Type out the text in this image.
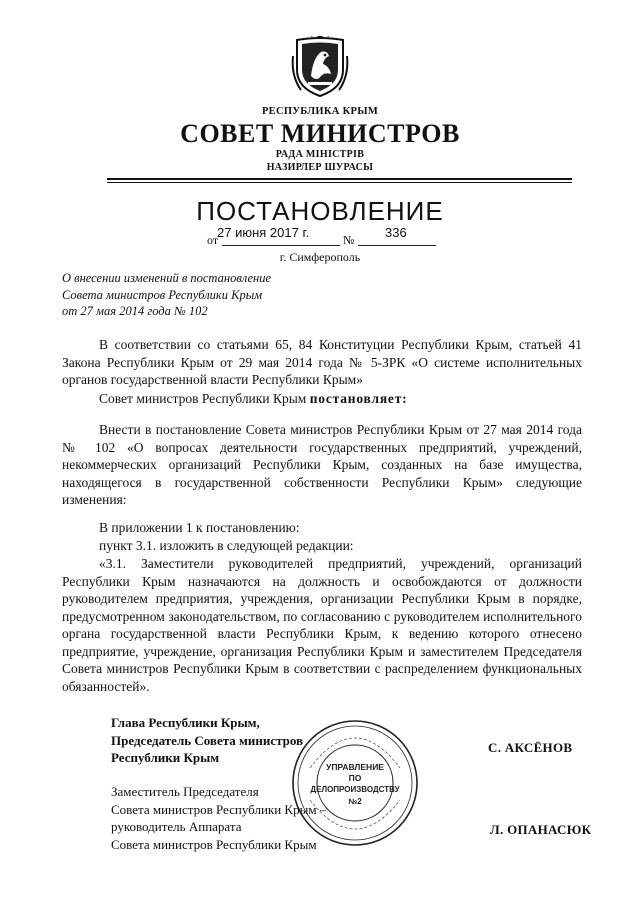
РЕСПУБЛИКА КРЫМ
СОВЕТ МИНИСТРОВ
РАДА МІНІСТРІВ
НАЗИРЛЕР ШУРАСЫ
ПОСТАНОВЛЕНИЕ
27 июня 2017 г.	336
от	№
г. Симферополь
О внесении изменений в постановление
Совета министров Республики Крым
от 27 мая 2014 года № 102

В соответствии со статьями 65, 84 Конституции Республики Крым, статьей 41 Закона Республики Крым от 29 мая 2014 года № 5-ЗРК «О системе исполнительных органов государственной власти Республики Крым»

Совет министров Республики Крым постановляет:

Внести в постановление Совета министров Республики Крым от 27 мая 2014 года № 102 «О вопросах деятельности государственных предприятий, учреждений, некоммерческих организаций Республики Крым, созданных на базе имущества, находящегося в государственной собственности Республики Крым» следующие изменения:

В приложении 1 к постановлению:

пункт 3.1. изложить в следующей редакции:

«3.1. Заместители руководителей предприятий, учреждений, организаций Республики Крым назначаются на должность и освобождаются от должности руководителем предприятия, учреждения, организации Республики Крым в порядке, предусмотренном законодательством, по согласованию с руководителем исполнительного органа государственной власти Республики Крым, к ведению которого отнесено предприятие, учреждение, организация Республики Крым и заместителем Председателя Совета министров Республики Крым в соответствии с распределением функциональных обязанностей».

Глава Республики Крым,
Председатель Совета министров
Республики Крым
С. АКСЁНОВ
Заместитель Председателя
Совета министров Республики Крым –
руководитель Аппарата
Совета министров Республики Крым
Л. ОПАНАСЮК
УПРАВЛЕНИЕ
ПО
ДЕЛОПРОИЗВОДСТВУ
№2
